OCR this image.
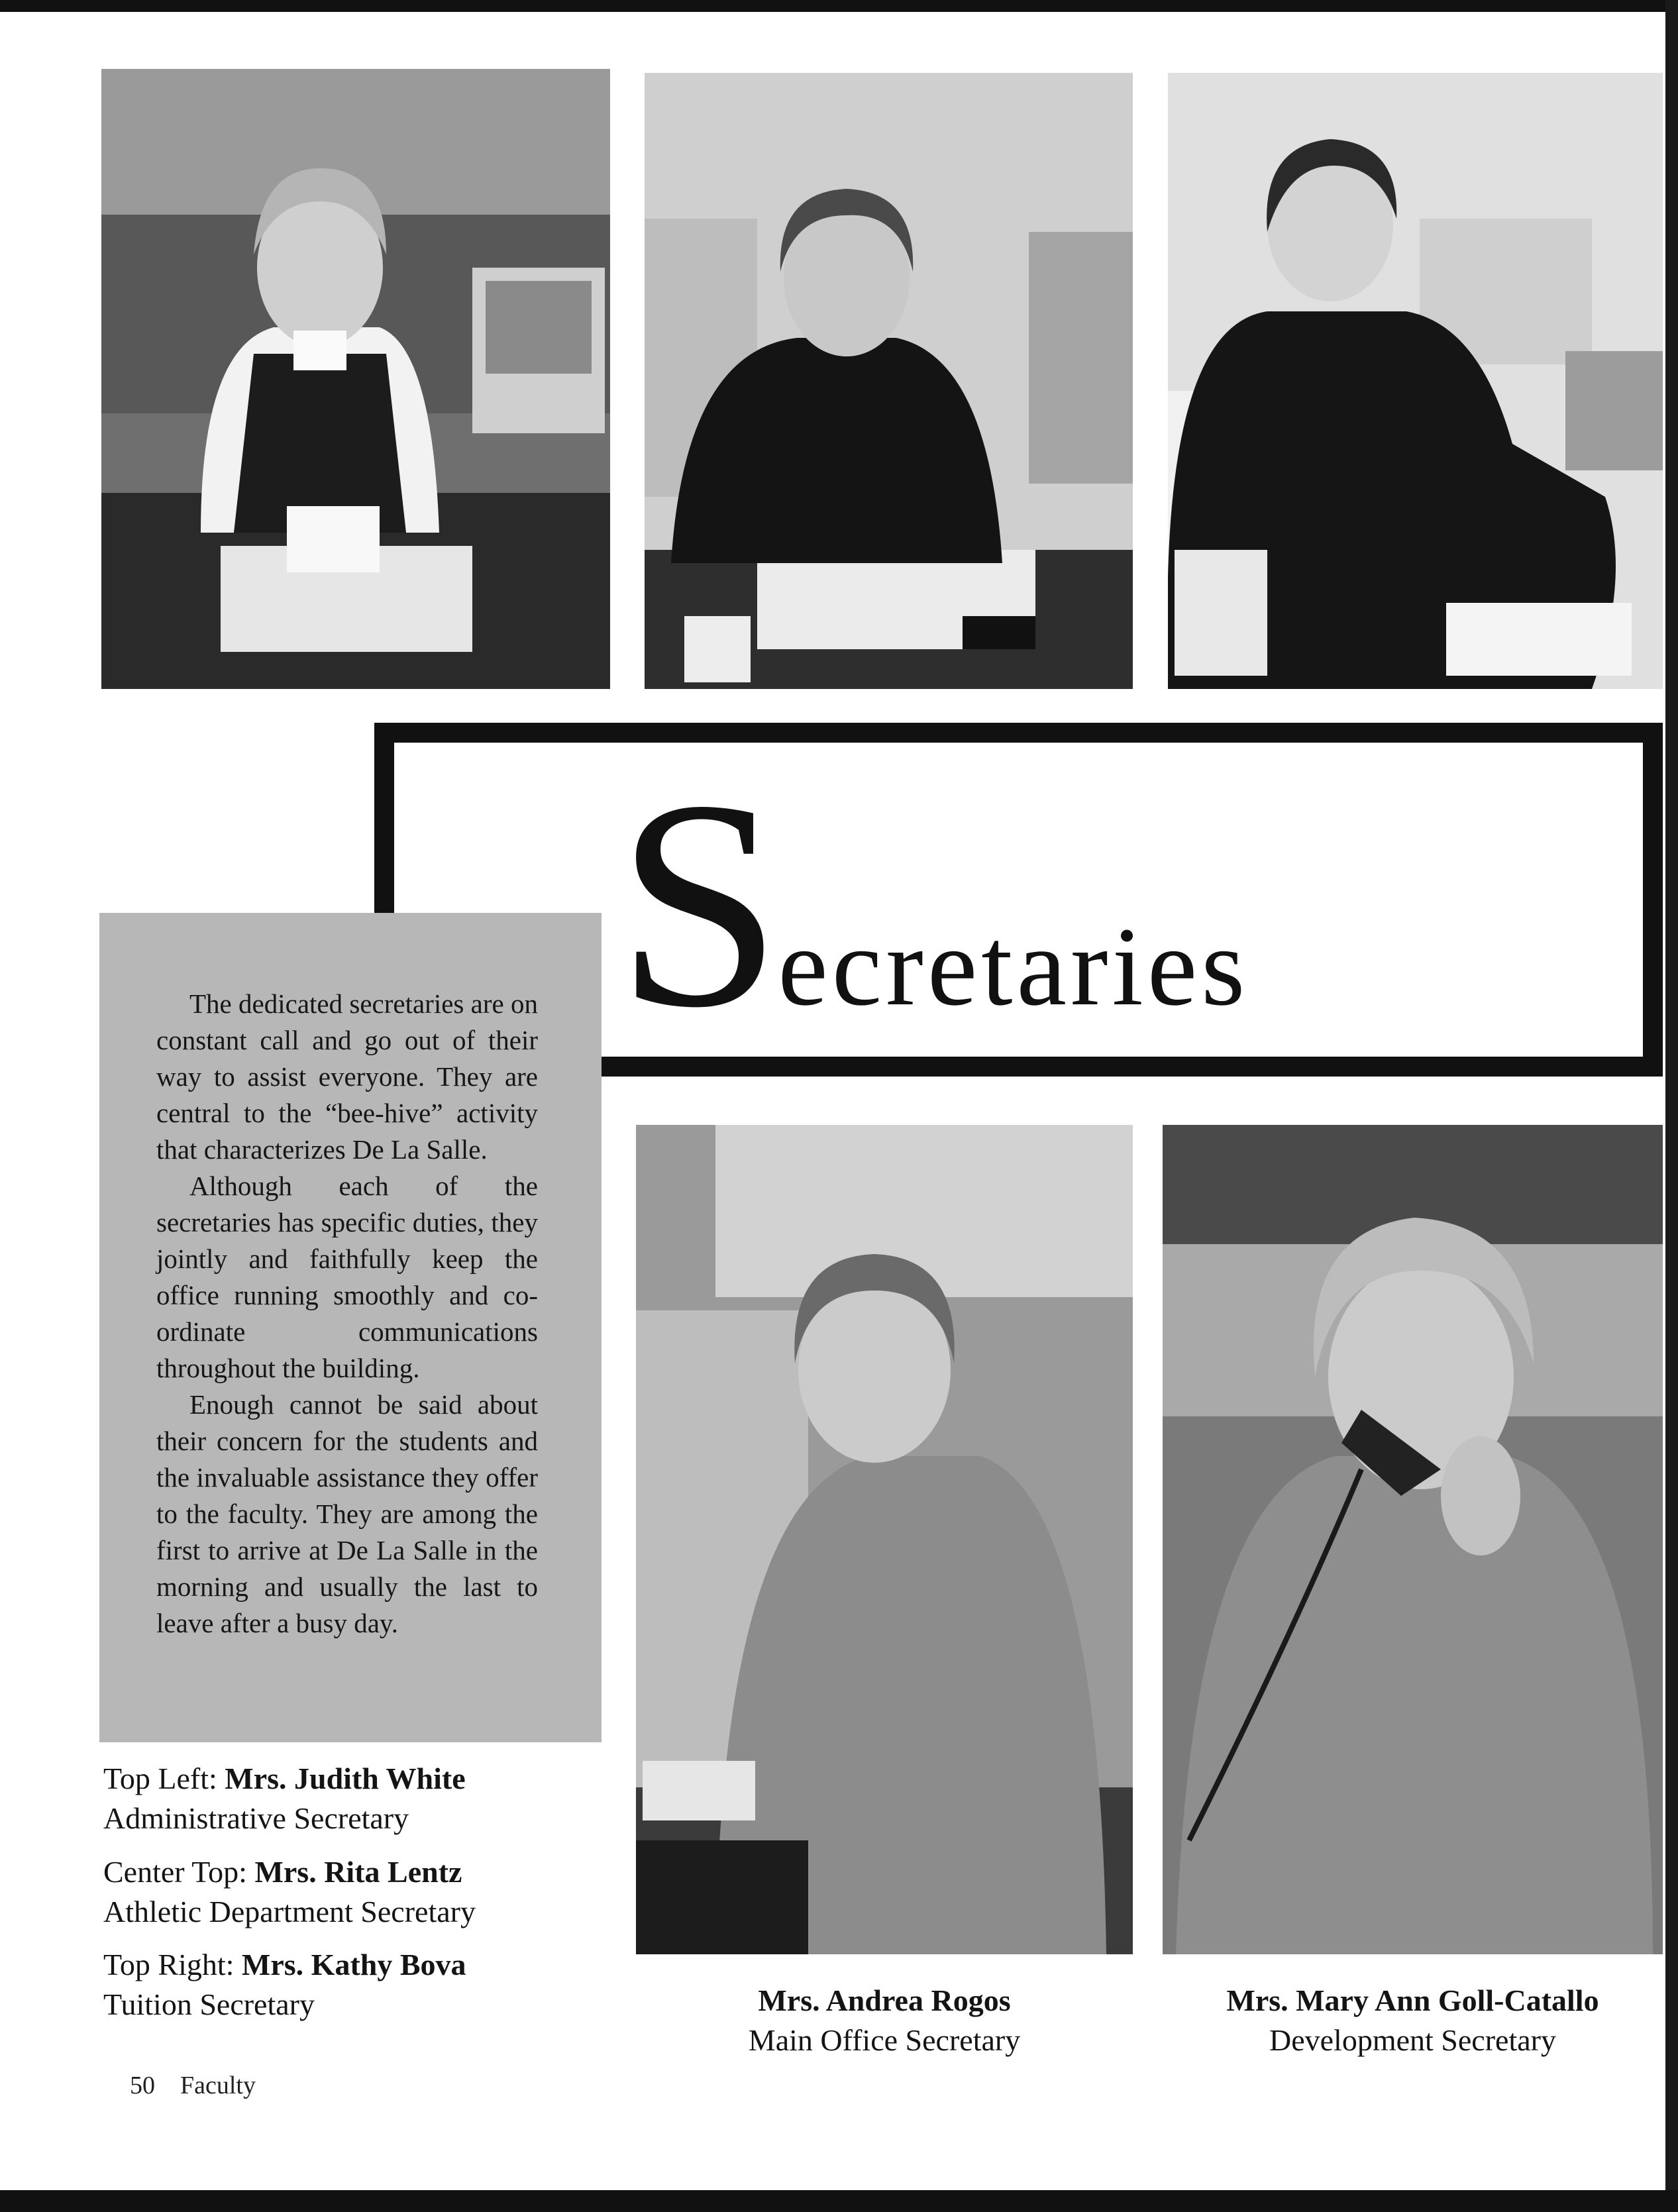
Secretaries

The dedicated secretaries are on constant call and go out of their way to assist everyone. They are central to the “bee-hive” activity that characterizes De La Salle.

Although each of the secretaries has specific duties, they jointly and faithfully keep the office running smoothly and co-ordinate communications throughout the building.

Enough cannot be said about their concern for the students and the invaluable assistance they offer to the faculty. They are among the first to arrive at De La Salle in the morning and usually the last to leave after a busy day.

Top Left: Mrs. Judith White
Administrative Secretary
Center Top: Mrs. Rita Lentz
Athletic Department Secretary
Top Right: Mrs. Kathy Bova
Tuition Secretary	Mrs. Andrea Rogos
Main Office Secretary
Mrs. Mary Ann Goll-Catallo
Development Secretary
50 Faculty
